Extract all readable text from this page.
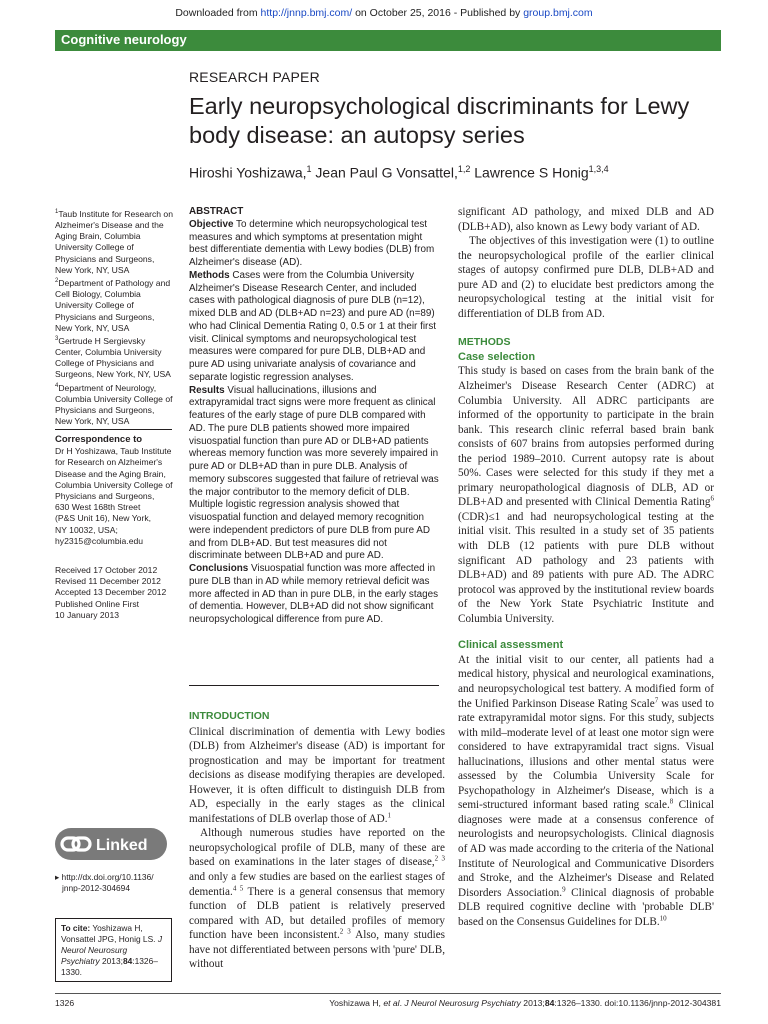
Downloaded from http://jnnp.bmj.com/ on October 25, 2016 - Published by group.bmj.com
Cognitive neurology
RESEARCH PAPER
Early neuropsychological discriminants for Lewy body disease: an autopsy series
Hiroshi Yoshizawa,$^1$ Jean Paul G Vonsattel,$^{1,2}$ Lawrence S Honig$^{1,3,4}$
$^1$Taub Institute for Research on Alzheimer's Disease and the Aging Brain, Columbia University College of Physicians and Surgeons, New York, NY, USA
$^2$Department of Pathology and Cell Biology, Columbia University College of Physicians and Surgeons, New York, NY, USA
$^3$Gertrude H Sergievsky Center, Columbia University College of Physicians and Surgeons, New York, NY, USA
$^4$Department of Neurology, Columbia University College of Physicians and Surgeons, New York, NY, USA
Correspondence to
Dr H Yoshizawa, Taub Institute
for Research on Alzheimer's
Disease and the Aging Brain,
Columbia University College of
Physicians and Surgeons,
630 West 168th Street
(P&S Unit 16), New York,
NY 10032, USA;
hy2315@columbia.edu
Received 17 October 2012
Revised 11 December 2012
Accepted 13 December 2012
Published Online First
10 January 2013
Linked
▸ http://dx.doi.org/10.1136/
jnnp-2012-304694
To cite: Yoshizawa H, Vonsattel JPG, Honig LS. J Neurol Neurosurg Psychiatry 2013;84:1326–1330.
ABSTRACT
Objective To determine which neuropsychological test measures and which symptoms at presentation might best differentiate dementia with Lewy bodies (DLB) from Alzheimer's disease (AD).
Methods Cases were from the Columbia University Alzheimer's Disease Research Center, and included cases with pathological diagnosis of pure DLB (n=12), mixed DLB and AD (DLB+AD n=23) and pure AD (n=89) who had Clinical Dementia Rating 0, 0.5 or 1 at their first visit. Clinical symptoms and neuropsychological test measures were compared for pure DLB, DLB+AD and pure AD using univariate analysis of covariance and separate logistic regression analyses.
Results Visual hallucinations, illusions and extrapyramidal tract signs were more frequent as clinical features of the early stage of pure DLB compared with AD. The pure DLB patients showed more impaired visuospatial function than pure AD or DLB+AD patients whereas memory function was more severely impaired in pure AD or DLB+AD than in pure DLB. Analysis of memory subscores suggested that failure of retrieval was the major contributor to the memory deficit of DLB. Multiple logistic regression analysis showed that visuospatial function and delayed memory recognition were independent predictors of pure DLB from pure AD and from DLB+AD. But test measures did not discriminate between DLB+AD and pure AD.
Conclusions Visuospatial function was more affected in pure DLB than in AD while memory retrieval deficit was more affected in AD than in pure DLB, in the early stages of dementia. However, DLB+AD did not show significant neuropsychological difference from pure AD.
INTRODUCTION

Clinical discrimination of dementia with Lewy bodies (DLB) from Alzheimer's disease (AD) is important for prognostication and may be important for treatment decisions as disease modifying therapies are developed. However, it is often difficult to distinguish DLB from AD, especially in the early stages as the clinical manifestations of DLB overlap those of AD.$^1$

Although numerous studies have reported on the neuropsychological profile of DLB, many of these are based on examinations in the later stages of disease,$^{2 3}$ and only a few studies are based on the earliest stages of dementia.$^{4 5}$ There is a general consensus that memory function of DLB patient is relatively preserved compared with AD, but detailed profiles of memory function have been inconsistent.$^{2 3}$ Also, many studies have not differentiated between persons with 'pure' DLB, without

significant AD pathology, and mixed DLB and AD (DLB+AD), also known as Lewy body variant of AD.

The objectives of this investigation were (1) to outline the neuropsychological profile of the earlier clinical stages of autopsy confirmed pure DLB, DLB+AD and pure AD and (2) to elucidate best predictors among the neuropsychological testing at the initial visit for differentiation of DLB from AD.

METHODS
Case selection

This study is based on cases from the brain bank of the Alzheimer's Disease Research Center (ADRC) at Columbia University. All ADRC participants are informed of the opportunity to participate in the brain bank. This research clinic referral based brain bank consists of 607 brains from autopsies performed during the period 1989–2010. Current autopsy rate is about 50%. Cases were selected for this study if they met a primary neuropathological diagnosis of DLB, AD or DLB+AD and presented with Clinical Dementia Rating$^6$ (CDR)≤1 and had neuropsychological testing at the initial visit. This resulted in a study set of 35 patients with DLB (12 patients with pure DLB without significant AD pathology and 23 patients with DLB+AD) and 89 patients with pure AD. The ADRC protocol was approved by the institutional review boards of the New York State Psychiatric Institute and Columbia University.

Clinical assessment

At the initial visit to our center, all patients had a medical history, physical and neurological examinations, and neuropsychological test battery. A modified form of the Unified Parkinson Disease Rating Scale$^7$ was used to rate extrapyramidal motor signs. For this study, subjects with mild–moderate level of at least one motor sign were considered to have extrapyramidal tract signs. Visual hallucinations, illusions and other mental status were assessed by the Columbia University Scale for Psychopathology in Alzheimer's Disease, which is a semi-structured informant based rating scale.$^8$ Clinical diagnoses were made at a consensus conference of neurologists and neuropsychologists. Clinical diagnosis of AD was made according to the criteria of the National Institute of Neurological and Communicative Disorders and Stroke, and the Alzheimer's Disease and Related Disorders Association.$^9$ Clinical diagnosis of probable DLB required cognitive decline with 'probable DLB' based on the Consensus Guidelines for DLB.$^{10}$

1326	Yoshizawa H, et al. J Neurol Neurosurg Psychiatry 2013;84:1326–1330. doi:10.1136/jnnp-2012-304381
